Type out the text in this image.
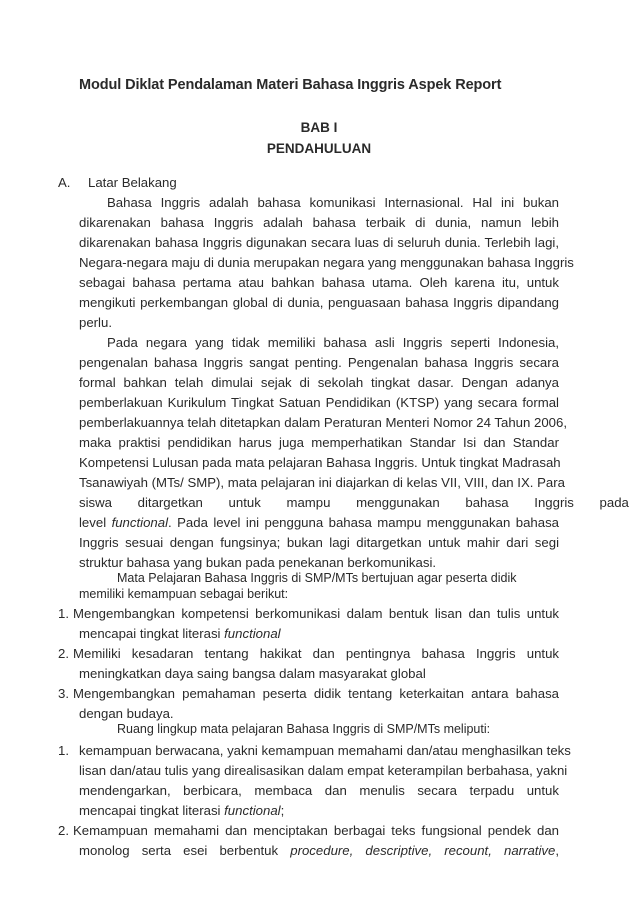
Modul Diklat Pendalaman Materi Bahasa Inggris Aspek Report
BAB I
PENDAHULUAN
A. Latar Belakang
Bahasa Inggris adalah bahasa komunikasi Internasional. Hal ini bukan
dikarenakan bahasa Inggris adalah bahasa terbaik di dunia, namun lebih
dikarenakan bahasa Inggris digunakan secara luas di seluruh dunia. Terlebih lagi,
Negara-negara maju di dunia merupakan negara yang menggunakan bahasa Inggris
sebagai bahasa pertama atau bahkan bahasa utama. Oleh karena itu, untuk
mengikuti perkembangan global di dunia, penguasaan bahasa Inggris dipandang
perlu.
Pada negara yang tidak memiliki bahasa asli Inggris seperti Indonesia,
pengenalan bahasa Inggris sangat penting. Pengenalan bahasa Inggris secara
formal bahkan telah dimulai sejak di sekolah tingkat dasar. Dengan adanya
pemberlakuan Kurikulum Tingkat Satuan Pendidikan (KTSP) yang secara formal
pemberlakuannya telah ditetapkan dalam Peraturan Menteri Nomor 24 Tahun 2006,
maka praktisi pendidikan harus juga memperhatikan Standar Isi dan Standar
Kompetensi Lulusan pada mata pelajaran Bahasa Inggris. Untuk tingkat Madrasah
Tsanawiyah (MTs/ SMP), mata pelajaran ini diajarkan di kelas VII, VIII, dan IX. Para
siswa ditargetkan untuk mampu menggunakan bahasa Inggris pada
level functional. Pada level ini pengguna bahasa mampu menggunakan bahasa
Inggris sesuai dengan fungsinya; bukan lagi ditargetkan untuk mahir dari segi
struktur bahasa yang bukan pada penekanan berkomunikasi.
Mata Pelajaran Bahasa Inggris di SMP/MTs bertujuan agar peserta didik
memiliki kemampuan sebagai berikut:
1. Mengembangkan kompetensi berkomunikasi dalam bentuk lisan dan tulis untuk
mencapai tingkat literasi functional
2. Memiliki kesadaran tentang hakikat dan pentingnya bahasa Inggris untuk
meningkatkan daya saing bangsa dalam masyarakat global
3. Mengembangkan pemahaman peserta didik tentang keterkaitan antara bahasa
dengan budaya.
Ruang lingkup mata pelajaran Bahasa Inggris di SMP/MTs meliputi:
1. kemampuan berwacana, yakni kemampuan memahami dan/atau menghasilkan teks
lisan dan/atau tulis yang direalisasikan dalam empat keterampilan berbahasa, yakni
mendengarkan, berbicara, membaca dan menulis secara terpadu untuk
mencapai tingkat literasi functional;
2. Kemampuan memahami dan menciptakan berbagai teks fungsional pendek dan
monolog serta esei berbentuk procedure, descriptive, recount, narrative,
